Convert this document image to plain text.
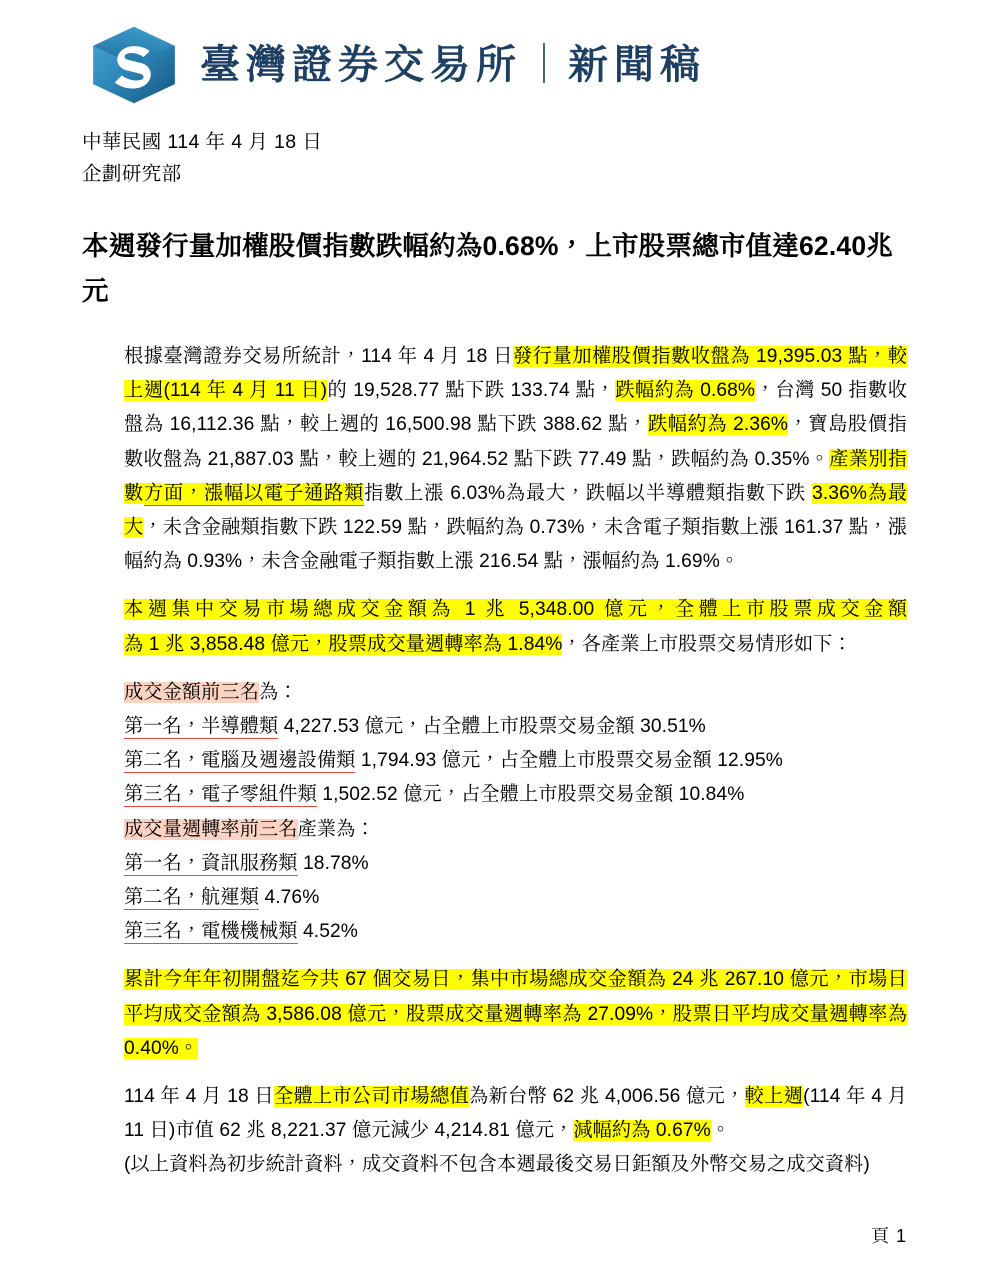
臺灣證券交易所｜新聞稿
中華民國 114 年 4 月 18 日
企劃研究部
本週發行量加權股價指數跌幅約為0.68%，上市股票總市值達62.40兆元

根據臺灣證券交易所統計，114 年 4 月 18 日發行量加權股價指數收盤為 19,395.03 點，較上週(114 年 4 月 11 日)的 19,528.77 點下跌 133.74 點，跌幅約為 0.68%，台灣 50 指數收盤為 16,112.36 點，較上週的 16,500.98 點下跌 388.62 點，跌幅約為 2.36%，寶島股價指數收盤為 21,887.03 點，較上週的 21,964.52 點下跌 77.49 點，跌幅約為 0.35%。產業別指數方面，漲幅以電子通路類指數上漲 6.03%為最大，跌幅以半導體類指數下跌 3.36%為最大，未含金融類指數下跌 122.59 點，跌幅約為 0.73%，未含電子類指數上漲 161.37 點，漲幅約為 0.93%，未含金融電子類指數上漲 216.54 點，漲幅約為 1.69%。

本週集中交易市場總成交金額為 1 兆 5,348.00 億元，全體上市股票成交金額為 1 兆 3,858.48 億元，股票成交量週轉率為 1.84%，各產業上市股票交易情形如下：

成交金額前三名為：

第一名，半導體類 4,227.53 億元，占全體上市股票交易金額 30.51%

第二名，電腦及週邊設備類 1,794.93 億元，占全體上市股票交易金額 12.95%

第三名，電子零組件類 1,502.52 億元，占全體上市股票交易金額 10.84%

成交量週轉率前三名產業為：

第一名，資訊服務類 18.78%

第二名，航運類 4.76%

第三名，電機機械類 4.52%

累計今年年初開盤迄今共 67 個交易日，集中市場總成交金額為 24 兆 267.10 億元，市場日平均成交金額為 3,586.08 億元，股票成交量週轉率為 27.09%，股票日平均成交量週轉率為 0.40%。

114 年 4 月 18 日全體上市公司市場總值為新台幣 62 兆 4,006.56 億元，較上週(114 年 4 月 11 日)市值 62 兆 8,221.37 億元減少 4,214.81 億元，減幅約為 0.67%。

(以上資料為初步統計資料，成交資料不包含本週最後交易日鉅額及外幣交易之成交資料)

頁 1
